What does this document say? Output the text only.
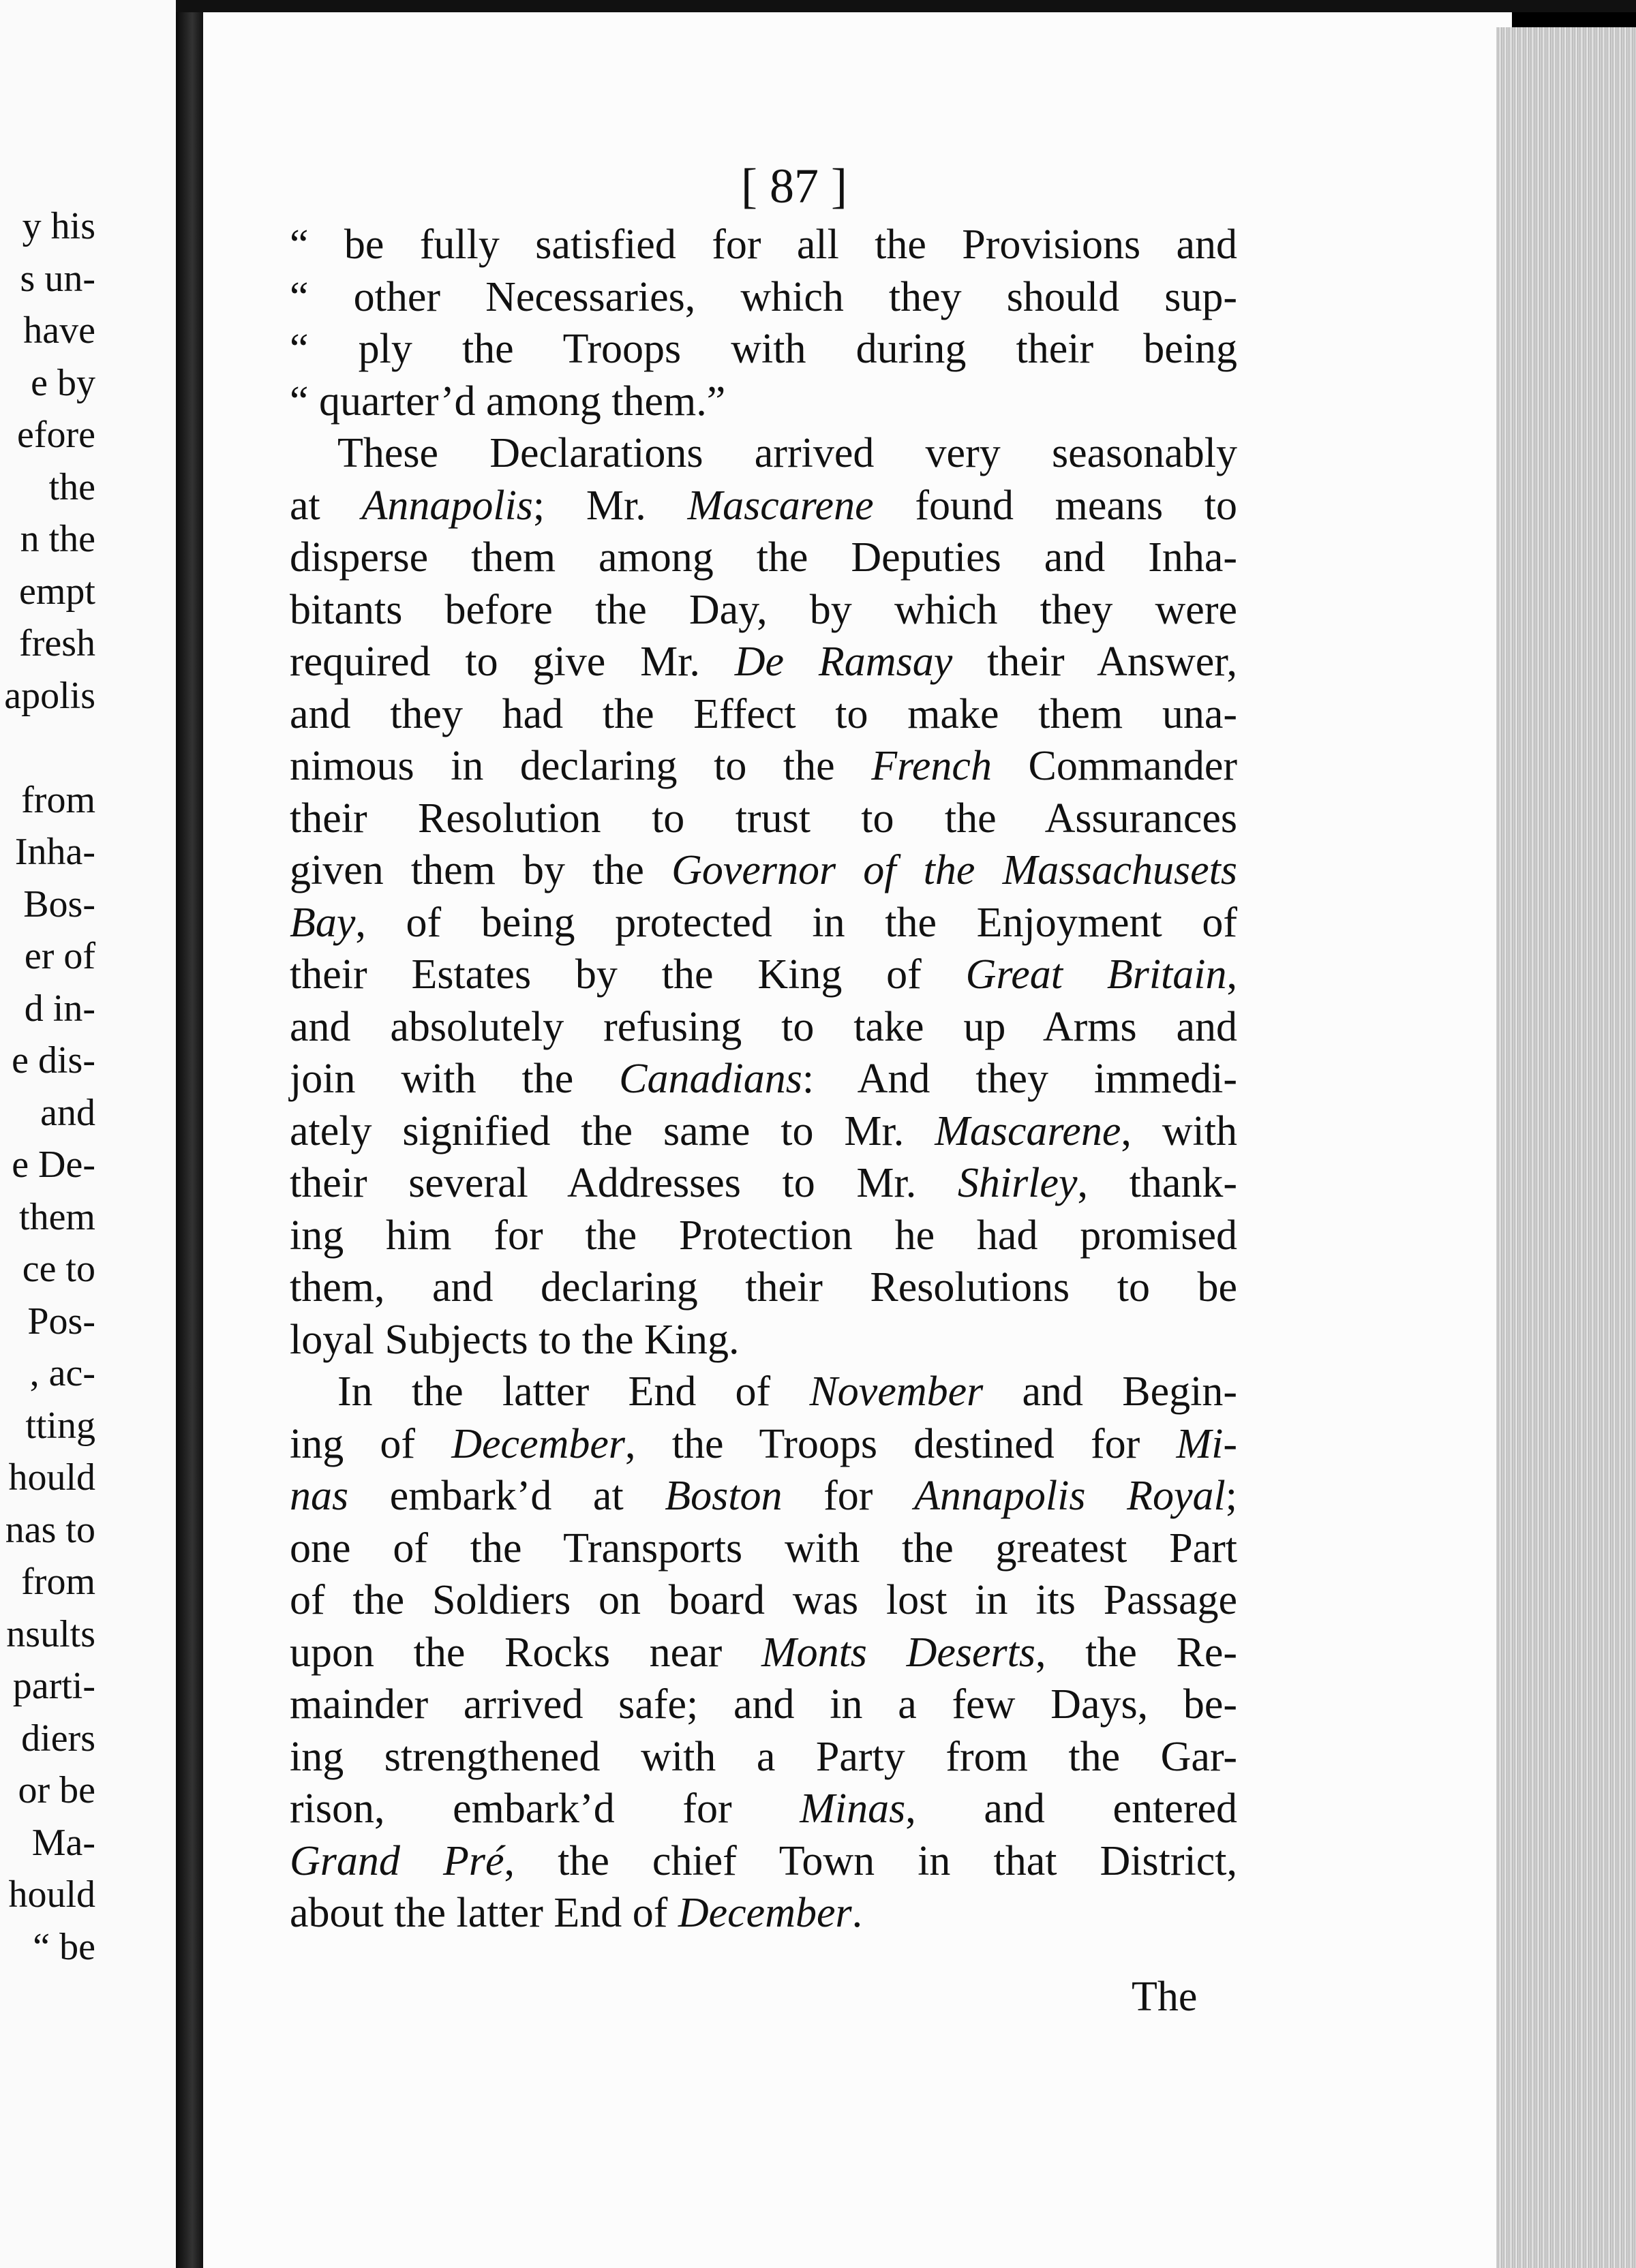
y his
s un-
have
e by
efore
the
n the
empt
fresh
apolis
from
Inha-
Bos-
er of
d in-
e dis-
and
e De-
them
ce to
Pos-
, ac-
tting
hould
nas to
from
nsults
parti-
diers
or be
Ma-
hould
“ be
[ 87 ]
“ be fully satisfied for all the Provisions and
“ other Necessaries, which they should sup-
“ ply the Troops with during their being
“ quarter’d among them.”
These Declarations arrived very seasonably
at Annapolis; Mr. Mascarene found means to
disperse them among the Deputies and Inha-
bitants before the Day, by which they were
required to give Mr. De Ramsay their Answer,
and they had the Effect to make them una-
nimous in declaring to the French Commander
their Resolution to trust to the Assurances
given them by the Governor of the Massachusets
Bay, of being protected in the Enjoyment of
their Estates by the King of Great Britain,
and absolutely refusing to take up Arms and
join with the Canadians: And they immedi-
ately signified the same to Mr. Mascarene, with
their several Addresses to Mr. Shirley, thank-
ing him for the Protection he had promised
them, and declaring their Resolutions to be
loyal Subjects to the King.
In the latter End of November and Begin-
ing of December, the Troops destined for Mi-
nas embark’d at Boston for Annapolis Royal;
one of the Transports with the greatest Part
of the Soldiers on board was lost in its Passage
upon the Rocks near Monts Deserts, the Re-
mainder arrived safe; and in a few Days, be-
ing strengthened with a Party from the Gar-
rison, embark’d for Minas, and entered
Grand Pré, the chief Town in that District,
about the latter End of December.
The
